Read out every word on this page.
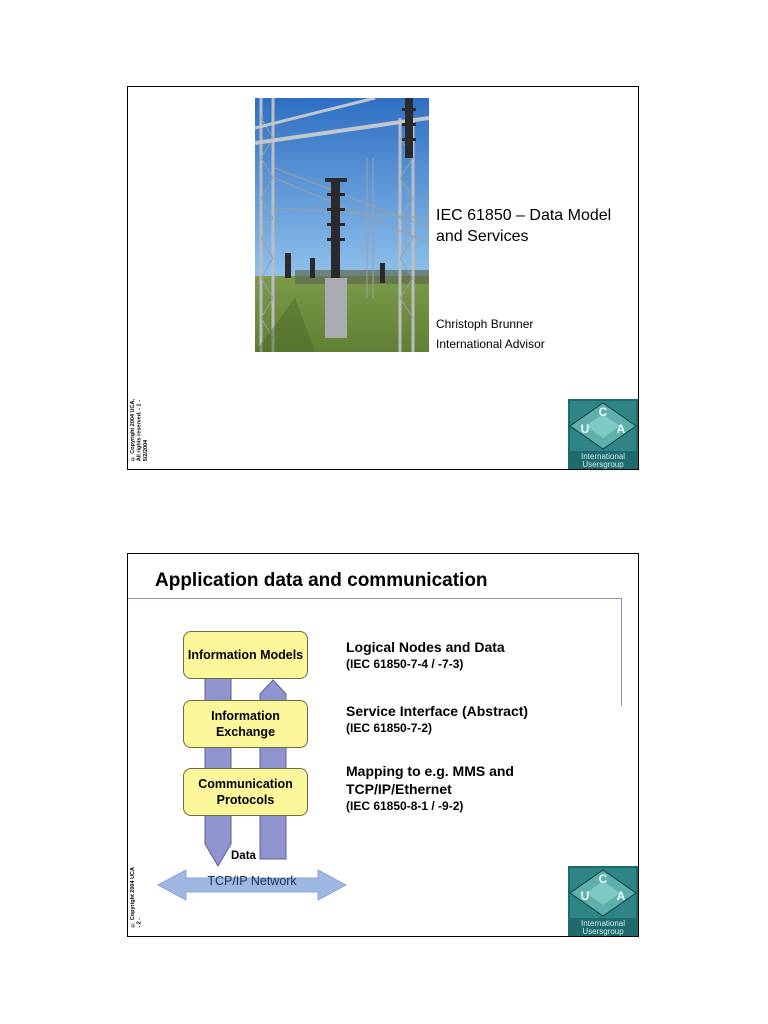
IEC 61850 – Data Model and Services
Christoph Brunner
International Advisor
© Copyright 2004 UCA, All rights reserved. - 1 - 5/2/2004
C
U A
International
Usersgroup
Application data and communication
Information Models
Information Exchange
Communication Protocols
Logical Nodes and Data
(IEC 61850-7-4 / -7-3)
Service Interface (Abstract)
(IEC 61850-7-2)
Mapping to e.g. MMS and TCP/IP/Ethernet
(IEC 61850-8-1 / -9-2)
Data
TCP/IP Network
© Copyright 2004 UCA - 2 -
C
U A
International
Usersgroup
